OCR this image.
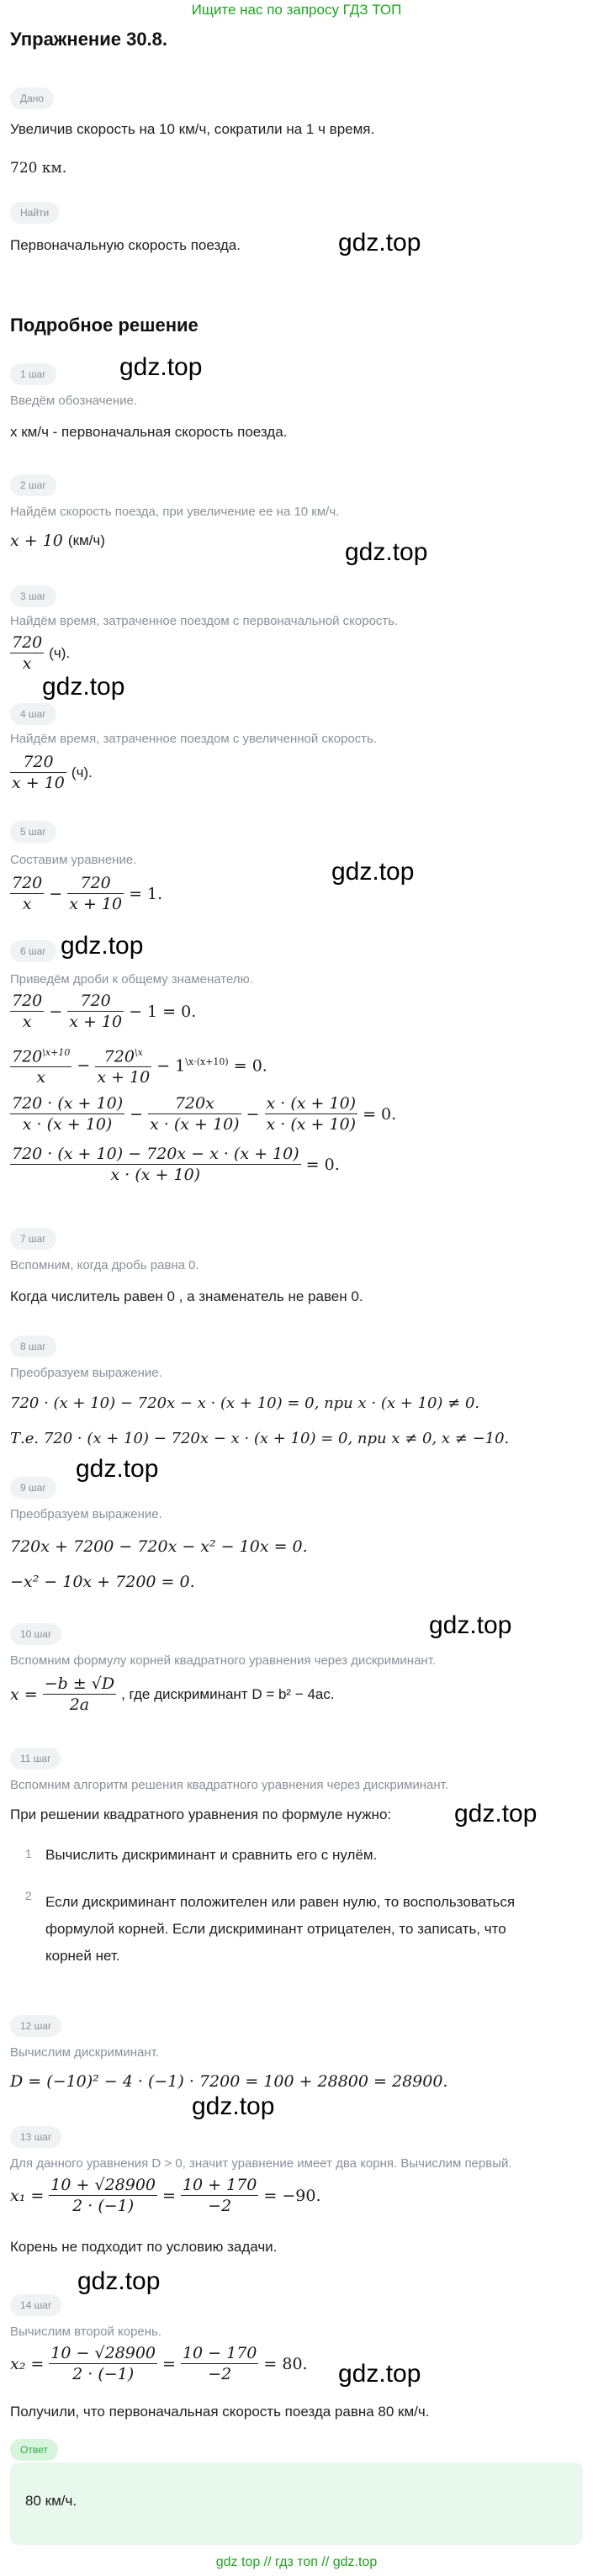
Ищите нас по запросу ГДЗ ТОП
Упражнение 30.8.
Дано
Увеличив скорость на 10 км/ч, сократили на 1 ч время.
720 км.
Найти
Первоначальную скорость поезда.	gdz.top
Подробное решение
1 шаг	gdz.top
Введём обозначение.
x км/ч - первоначальная скорость поезда.
2 шаг
Найдём скорость поезда, при увеличение ее на 10 км/ч.
x + 10 (км/ч)	gdz.top
3 шаг
Найдём время, затраченное поездом с первоначальной скорость.
$\frac{720}{x} (ч)$.
gdz.top
4 шаг
Найдём время, затраченное поездом с увеличенной скорость.
$\frac{720}{x + 10} (ч)$.
5 шаг
gdz.top
Составим уравнение.
$\frac{720}{x} - \frac{720}{x + 10} = 1$.
6 шаг gdz.top
Приведём дроби к общему знаменателю.
$\frac{720}{x} - \frac{720}{x + 10} - 1 = 0$.
$\frac{720^{\backslash x+10}}{x} - \frac{720^{\backslash x}}{x + 10} - 1^{\backslash x\cdot(x+10)} = 0$.
$\frac{720 \cdot (x + 10)}{x \cdot (x + 10)} - \frac{720x}{x \cdot (x + 10)} - \frac{x \cdot (x + 10)}{x \cdot (x + 10)} = 0$.
$\frac{720 \cdot (x + 10) - 720x - x \cdot (x + 10)}{x \cdot (x + 10)} = 0$.
7 шаг
Вспомним, когда дробь равна 0.
Когда числитель равен 0 , а знаменатель не равен 0.
8 шаг
Преобразуем выражение.
720 · (x + 10) − 720x − x · (x + 10) = 0, при x · (x + 10) ≠ 0.
Т.е. 720 · (x + 10) − 720x − x · (x + 10) = 0, при x ≠ 0, x ≠ −10.
gdz.top
9 шаг
Преобразуем выражение.
720x + 7200 − 720x − x² − 10x = 0.
−x² − 10x + 7200 = 0.
10 шаг	gdz.top
Вспомним формулу корней квадратного уравнения через дискриминант.
$x = \frac{-b \pm √D}{2a}$ , где дискриминант D = b² − 4ac.
11 шаг
Вспомним алгоритм решения квадратного уравнения через дискриминант.
При решении квадратного уравнения по формуле нужно: gdz.top
1 Вычислить дискриминант и сравнить его с нулём.
2 Если дискриминант положителен или равен нулю, то воспользоваться
формулой корней. Если дискриминант отрицателен, то записать, что
корней нет.
12 шаг
Вычислим дискриминант.
D = (−10)² − 4 · (−1) · 7200 = 100 + 28800 = 28900.
gdz.top
13 шаг
Для данного уравнения D > 0, значит уравнение имеет два корня. Вычислим первый.
$x_1 = \frac{10 + √28900}{2 \cdot (-1)} = \frac{10 + 170}{-2} = -90$.
Корень не подходит по условию задачи.
gdz.top
14 шаг
Вычислим второй корень.
$x_2 = \frac{10 - √28900}{2 \cdot (-1)} = \frac{10 - 170}{-2} = 80$. gdz.top
Получили, что первоначальная скорость поезда равна 80 км/ч.
Ответ
80 км/ч.
gdz top // гдз топ // gdz.top
